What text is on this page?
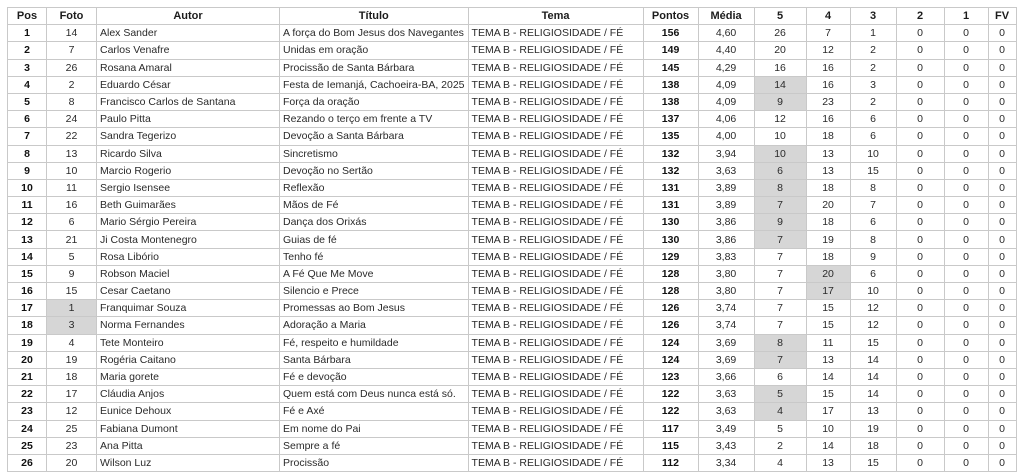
Pos	Foto	Autor	Título	Tema	Pontos	Média	5	4	3	2	1	FV
1	14	Alex Sander	A força do Bom Jesus dos Navegantes	TEMA B - RELIGIOSIDADE / FÉ	156	4,60	26	7	1	0	0	0
2	7	Carlos Venafre	Unidas em oração	TEMA B - RELIGIOSIDADE / FÉ	149	4,40	20	12	2	0	0	0
3	26	Rosana Amaral	Procissão de Santa Bárbara	TEMA B - RELIGIOSIDADE / FÉ	145	4,29	16	16	2	0	0	0
4	2	Eduardo César	Festa de Iemanjá, Cachoeira-BA, 2025	TEMA B - RELIGIOSIDADE / FÉ	138	4,09	14	16	3	0	0	0
5	8	Francisco Carlos de Santana	Força da oração	TEMA B - RELIGIOSIDADE / FÉ	138	4,09	9	23	2	0	0	0
6	24	Paulo Pitta	Rezando o terço em frente a TV	TEMA B - RELIGIOSIDADE / FÉ	137	4,06	12	16	6	0	0	0
7	22	Sandra Tegerizo	Devoção a Santa Bárbara	TEMA B - RELIGIOSIDADE / FÉ	135	4,00	10	18	6	0	0	0
8	13	Ricardo Silva	Sincretismo	TEMA B - RELIGIOSIDADE / FÉ	132	3,94	10	13	10	0	0	0
9	10	Marcio Rogerio	Devoção no Sertão	TEMA B - RELIGIOSIDADE / FÉ	132	3,63	6	13	15	0	0	0
10	11	Sergio Isensee	Reflexão	TEMA B - RELIGIOSIDADE / FÉ	131	3,89	8	18	8	0	0	0
11	16	Beth Guimarães	Mãos de Fé	TEMA B - RELIGIOSIDADE / FÉ	131	3,89	7	20	7	0	0	0
12	6	Mario Sérgio Pereira	Dança dos Orixás	TEMA B - RELIGIOSIDADE / FÉ	130	3,86	9	18	6	0	0	0
13	21	Ji Costa Montenegro	Guias de fé	TEMA B - RELIGIOSIDADE / FÉ	130	3,86	7	19	8	0	0	0
14	5	Rosa Libório	Tenho fé	TEMA B - RELIGIOSIDADE / FÉ	129	3,83	7	18	9	0	0	0
15	9	Robson Maciel	A Fé Que Me Move	TEMA B - RELIGIOSIDADE / FÉ	128	3,80	7	20	6	0	0	0
16	15	Cesar Caetano	Silencio e Prece	TEMA B - RELIGIOSIDADE / FÉ	128	3,80	7	17	10	0	0	0
17	1	Franquimar Souza	Promessas ao Bom Jesus	TEMA B - RELIGIOSIDADE / FÉ	126	3,74	7	15	12	0	0	0
18	3	Norma Fernandes	Adoração a Maria	TEMA B - RELIGIOSIDADE / FÉ	126	3,74	7	15	12	0	0	0
19	4	Tete Monteiro	Fé, respeito e humildade	TEMA B - RELIGIOSIDADE / FÉ	124	3,69	8	11	15	0	0	0
20	19	Rogéria Caitano	Santa Bárbara	TEMA B - RELIGIOSIDADE / FÉ	124	3,69	7	13	14	0	0	0
21	18	Maria gorete	Fé e devoção	TEMA B - RELIGIOSIDADE / FÉ	123	3,66	6	14	14	0	0	0
22	17	Cláudia Anjos	Quem está com Deus nunca está só.	TEMA B - RELIGIOSIDADE / FÉ	122	3,63	5	15	14	0	0	0
23	12	Eunice Dehoux	Fé e Axé	TEMA B - RELIGIOSIDADE / FÉ	122	3,63	4	17	13	0	0	0
24	25	Fabiana Dumont	Em nome do Pai	TEMA B - RELIGIOSIDADE / FÉ	117	3,49	5	10	19	0	0	0
25	23	Ana Pitta	Sempre a fé	TEMA B - RELIGIOSIDADE / FÉ	115	3,43	2	14	18	0	0	0
26	20	Wilson Luz	Procissão	TEMA B - RELIGIOSIDADE / FÉ	112	3,34	4	13	15	0	0	0
